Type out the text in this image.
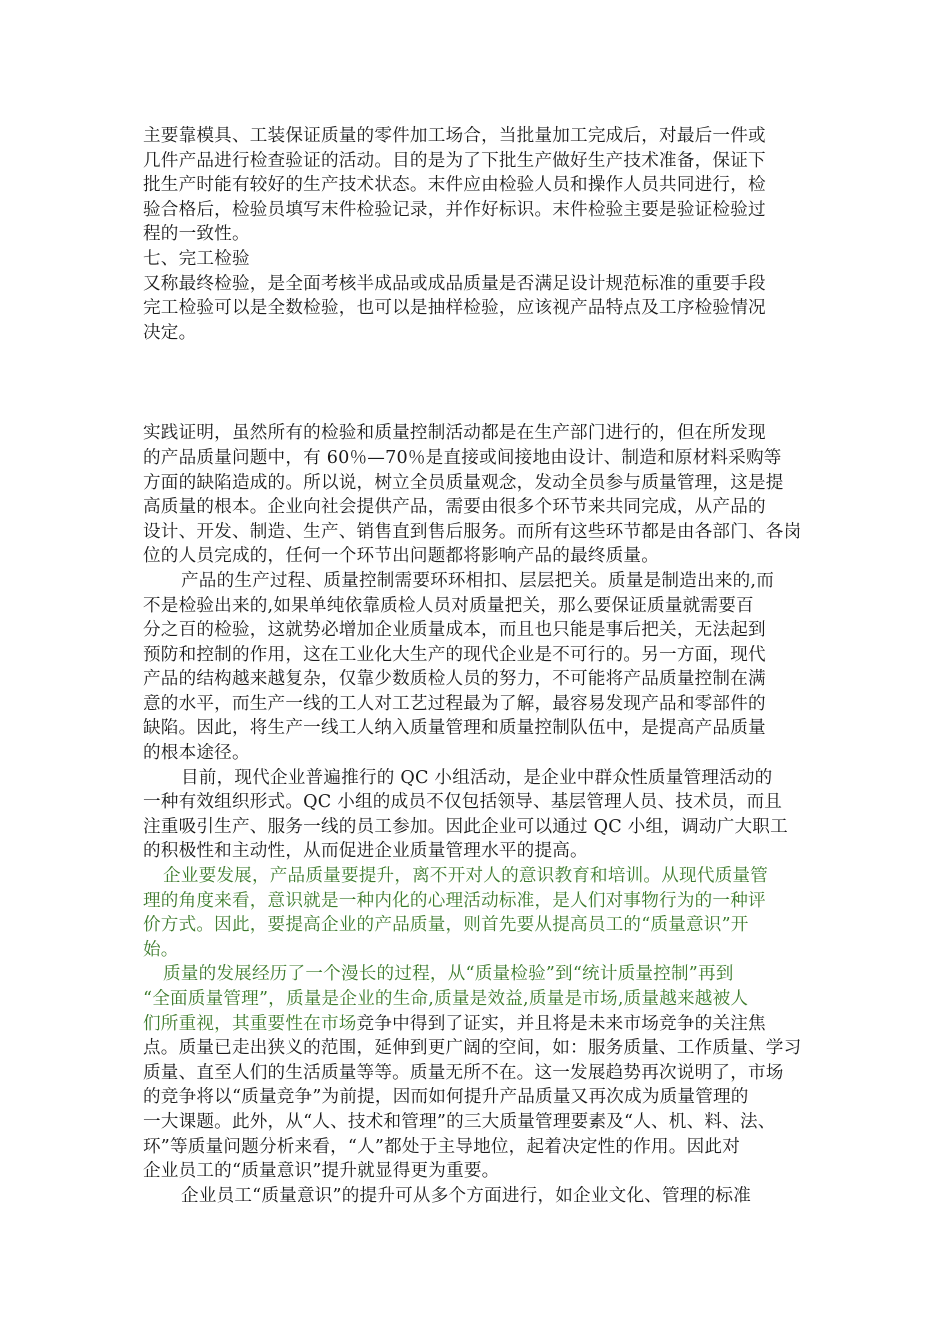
主要靠模具、工装保证质量的零件加工场合，当批量加工完成后，对最后一件或
几件产品进行检查验证的活动。目的是为了下批生产做好生产技术准备，保证下
批生产时能有较好的生产技术状态。末件应由检验人员和操作人员共同进行，检
验合格后，检验员填写末件检验记录，并作好标识。末件检验主要是验证检验过
程的一致性。
七、完工检验
又称最终检验，是全面考核半成品或成品质量是否满足设计规范标准的重要手段
完工检验可以是全数检验，也可以是抽样检验，应该视产品特点及工序检验情况
决定。
实践证明，虽然所有的检验和质量控制活动都是在生产部门进行的，但在所发现
的产品质量问题中，有 60％—70％是直接或间接地由设计、制造和原材料采购等
方面的缺陷造成的。所以说，树立全员质量观念，发动全员参与质量管理，这是提
高质量的根本。企业向社会提供产品，需要由很多个环节来共同完成，从产品的
设计、开发、制造、生产、销售直到售后服务。而所有这些环节都是由各部门、各岗
位的人员完成的，任何一个环节出问题都将影响产品的最终质量。
产品的生产过程、质量控制需要环环相扣、层层把关。质量是制造出来的,而
不是检验出来的,如果单纯依靠质检人员对质量把关，那么要保证质量就需要百
分之百的检验，这就势必增加企业质量成本，而且也只能是事后把关，无法起到
预防和控制的作用，这在工业化大生产的现代企业是不可行的。另一方面，现代
产品的结构越来越复杂，仅靠少数质检人员的努力，不可能将产品质量控制在满
意的水平，而生产一线的工人对工艺过程最为了解，最容易发现产品和零部件的
缺陷。因此，将生产一线工人纳入质量管理和质量控制队伍中，是提高产品质量
的根本途径。
目前，现代企业普遍推行的 QC 小组活动，是企业中群众性质量管理活动的
一种有效组织形式。QC 小组的成员不仅包括领导、基层管理人员、技术员，而且
注重吸引生产、服务一线的员工参加。因此企业可以通过 QC 小组，调动广大职工
的积极性和主动性，从而促进企业质量管理水平的提高。
企业要发展，产品质量要提升，离不开对人的意识教育和培训。从现代质量管
理的角度来看，意识就是一种内化的心理活动标准，是人们对事物行为的一种评
价方式。因此，要提高企业的产品质量，则首先要从提高员工的“质量意识”开
始。
质量的发展经历了一个漫长的过程，从“质量检验”到“统计质量控制”再到
“全面质量管理”，质量是企业的生命,质量是效益,质量是市场,质量越来越被人
们所重视，其重要性在市场竞争中得到了证实，并且将是未来市场竞争的关注焦
点。质量已走出狭义的范围，延伸到更广阔的空间，如：服务质量、工作质量、学习
质量、直至人们的生活质量等等。质量无所不在。这一发展趋势再次说明了，市场
的竞争将以“质量竞争”为前提，因而如何提升产品质量又再次成为质量管理的
一大课题。此外，从“人、技术和管理”的三大质量管理要素及“人、机、料、法、
环”等质量问题分析来看，“人”都处于主导地位，起着决定性的作用。因此对
企业员工的“质量意识”提升就显得更为重要。
企业员工“质量意识”的提升可从多个方面进行，如企业文化、管理的标准
